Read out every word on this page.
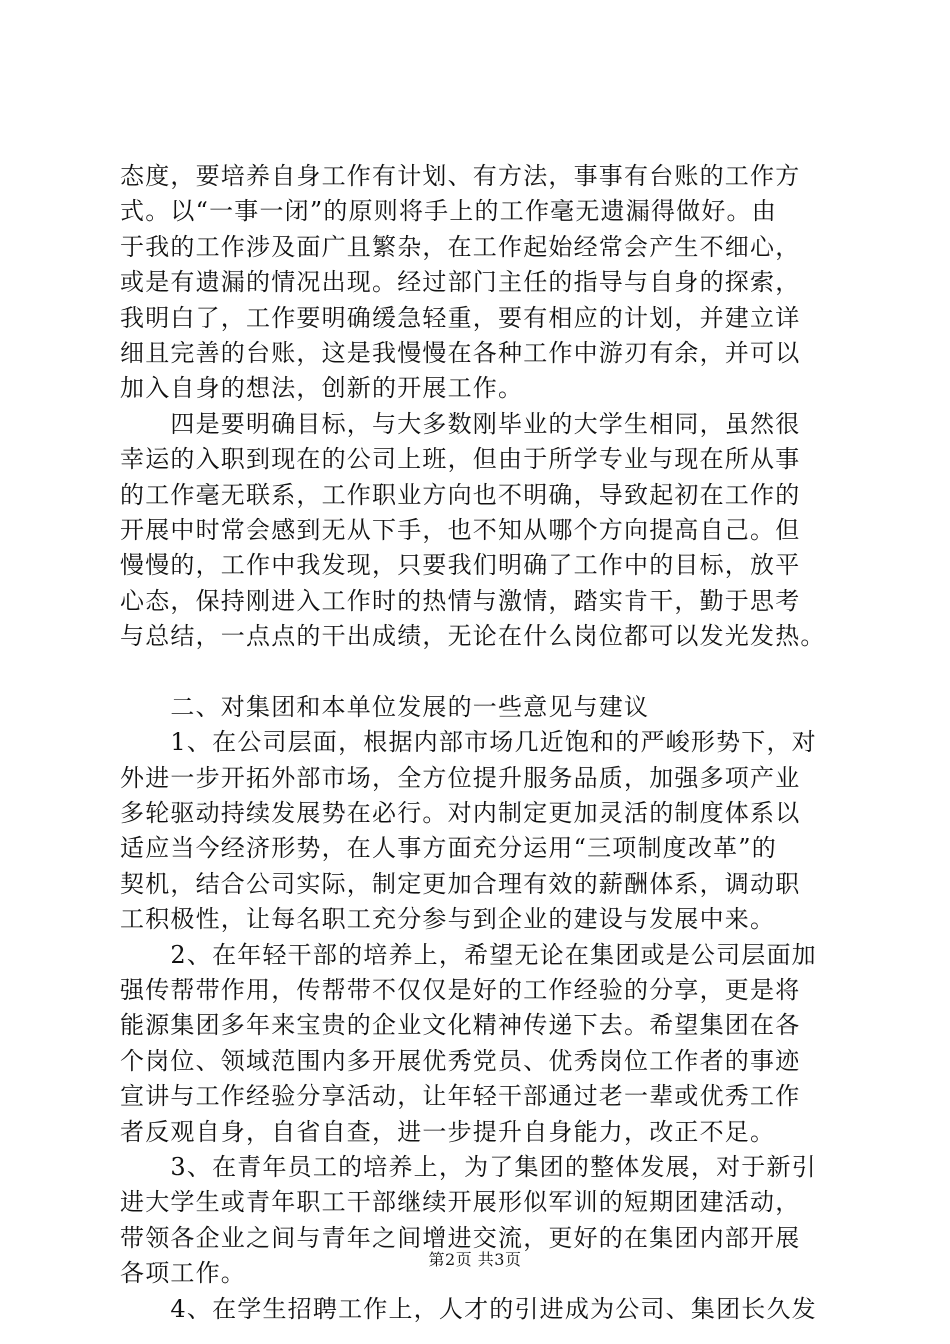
态度，要培养自身工作有计划、有方法，事事有台账的工作方
式。以“一事一闭”的原则将手上的工作毫无遗漏得做好。由
于我的工作涉及面广且繁杂，在工作起始经常会产生不细心，
或是有遗漏的情况出现。经过部门主任的指导与自身的探索，
我明白了，工作要明确缓急轻重，要有相应的计划，并建立详
细且完善的台账，这是我慢慢在各种工作中游刃有余，并可以
加入自身的想法，创新的开展工作。
　　四是要明确目标，与大多数刚毕业的大学生相同，虽然很
幸运的入职到现在的公司上班，但由于所学专业与现在所从事
的工作毫无联系，工作职业方向也不明确，导致起初在工作的
开展中时常会感到无从下手，也不知从哪个方向提高自己。但
慢慢的，工作中我发现，只要我们明确了工作中的目标，放平
心态，保持刚进入工作时的热情与激情，踏实肯干，勤于思考
与总结，一点点的干出成绩，无论在什么岗位都可以发光发热。
　　二、对集团和本单位发展的一些意见与建议
　　1、在公司层面，根据内部市场几近饱和的严峻形势下，对
外进一步开拓外部市场，全方位提升服务品质，加强多项产业
多轮驱动持续发展势在必行。对内制定更加灵活的制度体系以
适应当今经济形势，在人事方面充分运用“三项制度改革”的
契机，结合公司实际，制定更加合理有效的薪酬体系，调动职
工积极性，让每名职工充分参与到企业的建设与发展中来。
　　2、在年轻干部的培养上，希望无论在集团或是公司层面加
强传帮带作用，传帮带不仅仅是好的工作经验的分享，更是将
能源集团多年来宝贵的企业文化精神传递下去。希望集团在各
个岗位、领域范围内多开展优秀党员、优秀岗位工作者的事迹
宣讲与工作经验分享活动，让年轻干部通过老一辈或优秀工作
者反观自身，自省自查，进一步提升自身能力，改正不足。
　　3、在青年员工的培养上，为了集团的整体发展，对于新引
进大学生或青年职工干部继续开展形似军训的短期团建活动，
带领各企业之间与青年之间增进交流，更好的在集团内部开展
各项工作。
　　4、在学生招聘工作上，人才的引进成为公司、集团长久发
第2页 共3页
